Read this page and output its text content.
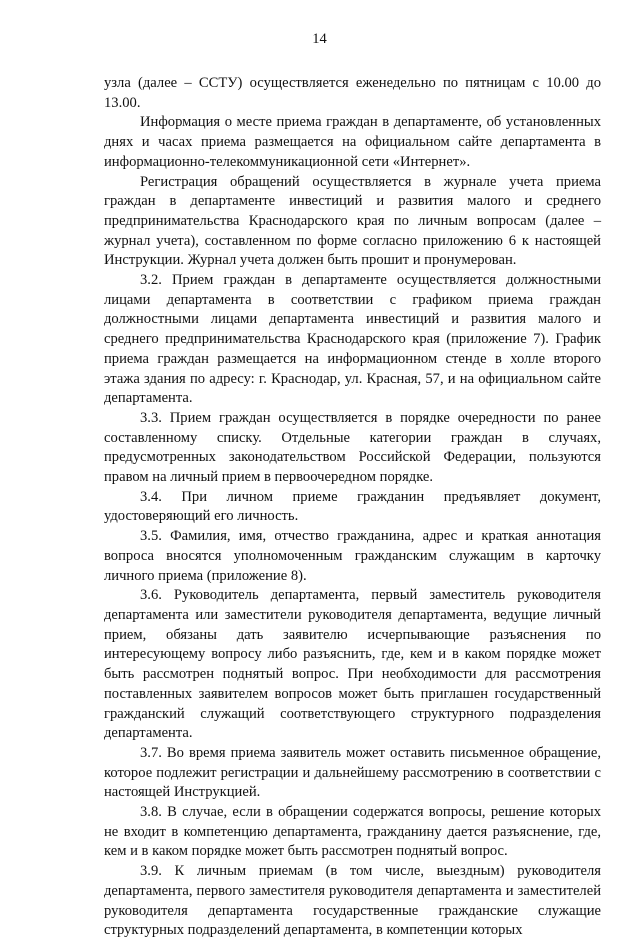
14

узла (далее – ССТУ) осуществляется еженедельно по пятницам с 10.00 до 13.00.

Информация о месте приема граждан в департаменте, об установленных днях и часах приема размещается на официальном сайте департамента в информационно-телекоммуникационной сети «Интернет».

Регистрация обращений осуществляется в журнале учета приема граждан в департаменте инвестиций и развития малого и среднего предпринимательства Краснодарского края по личным вопросам (далее – журнал учета), составленном по форме согласно приложению 6 к настоящей Инструкции. Журнал учета должен быть прошит и пронумерован.

3.2. Прием граждан в департаменте осуществляется должностными лицами департамента в соответствии с графиком приема граждан должностными лицами департамента инвестиций и развития малого и среднего предпринимательства Краснодарского края (приложение 7). График приема граждан размещается на информационном стенде в холле второго этажа здания по адресу: г. Краснодар, ул. Красная, 57, и на официальном сайте департамента.

3.3. Прием граждан осуществляется в порядке очередности по ранее составленному списку. Отдельные категории граждан в случаях, предусмотренных законодательством Российской Федерации, пользуются правом на личный прием в первоочередном порядке.

3.4. При личном приеме гражданин предъявляет документ, удостоверяющий его личность.

3.5. Фамилия, имя, отчество гражданина, адрес и краткая аннотация вопроса вносятся уполномоченным гражданским служащим в карточку личного приема (приложение 8).

3.6. Руководитель департамента, первый заместитель руководителя департамента или заместители руководителя департамента, ведущие личный прием, обязаны дать заявителю исчерпывающие разъяснения по интересующему вопросу либо разъяснить, где, кем и в каком порядке может быть рассмотрен поднятый вопрос. При необходимости для рассмотрения поставленных заявителем вопросов может быть приглашен государственный гражданский служащий соответствующего структурного подразделения департамента.

3.7. Во время приема заявитель может оставить письменное обращение, которое подлежит регистрации и дальнейшему рассмотрению в соответствии с настоящей Инструкцией.

3.8. В случае, если в обращении содержатся вопросы, решение которых не входит в компетенцию департамента, гражданину дается разъяснение, где, кем и в каком порядке может быть рассмотрен поднятый вопрос.

3.9. К личным приемам (в том числе, выездным) руководителя департамента, первого заместителя руководителя департамента и заместителей руководителя департамента государственные гражданские служащие структурных подразделений департамента, в компетенции которых
